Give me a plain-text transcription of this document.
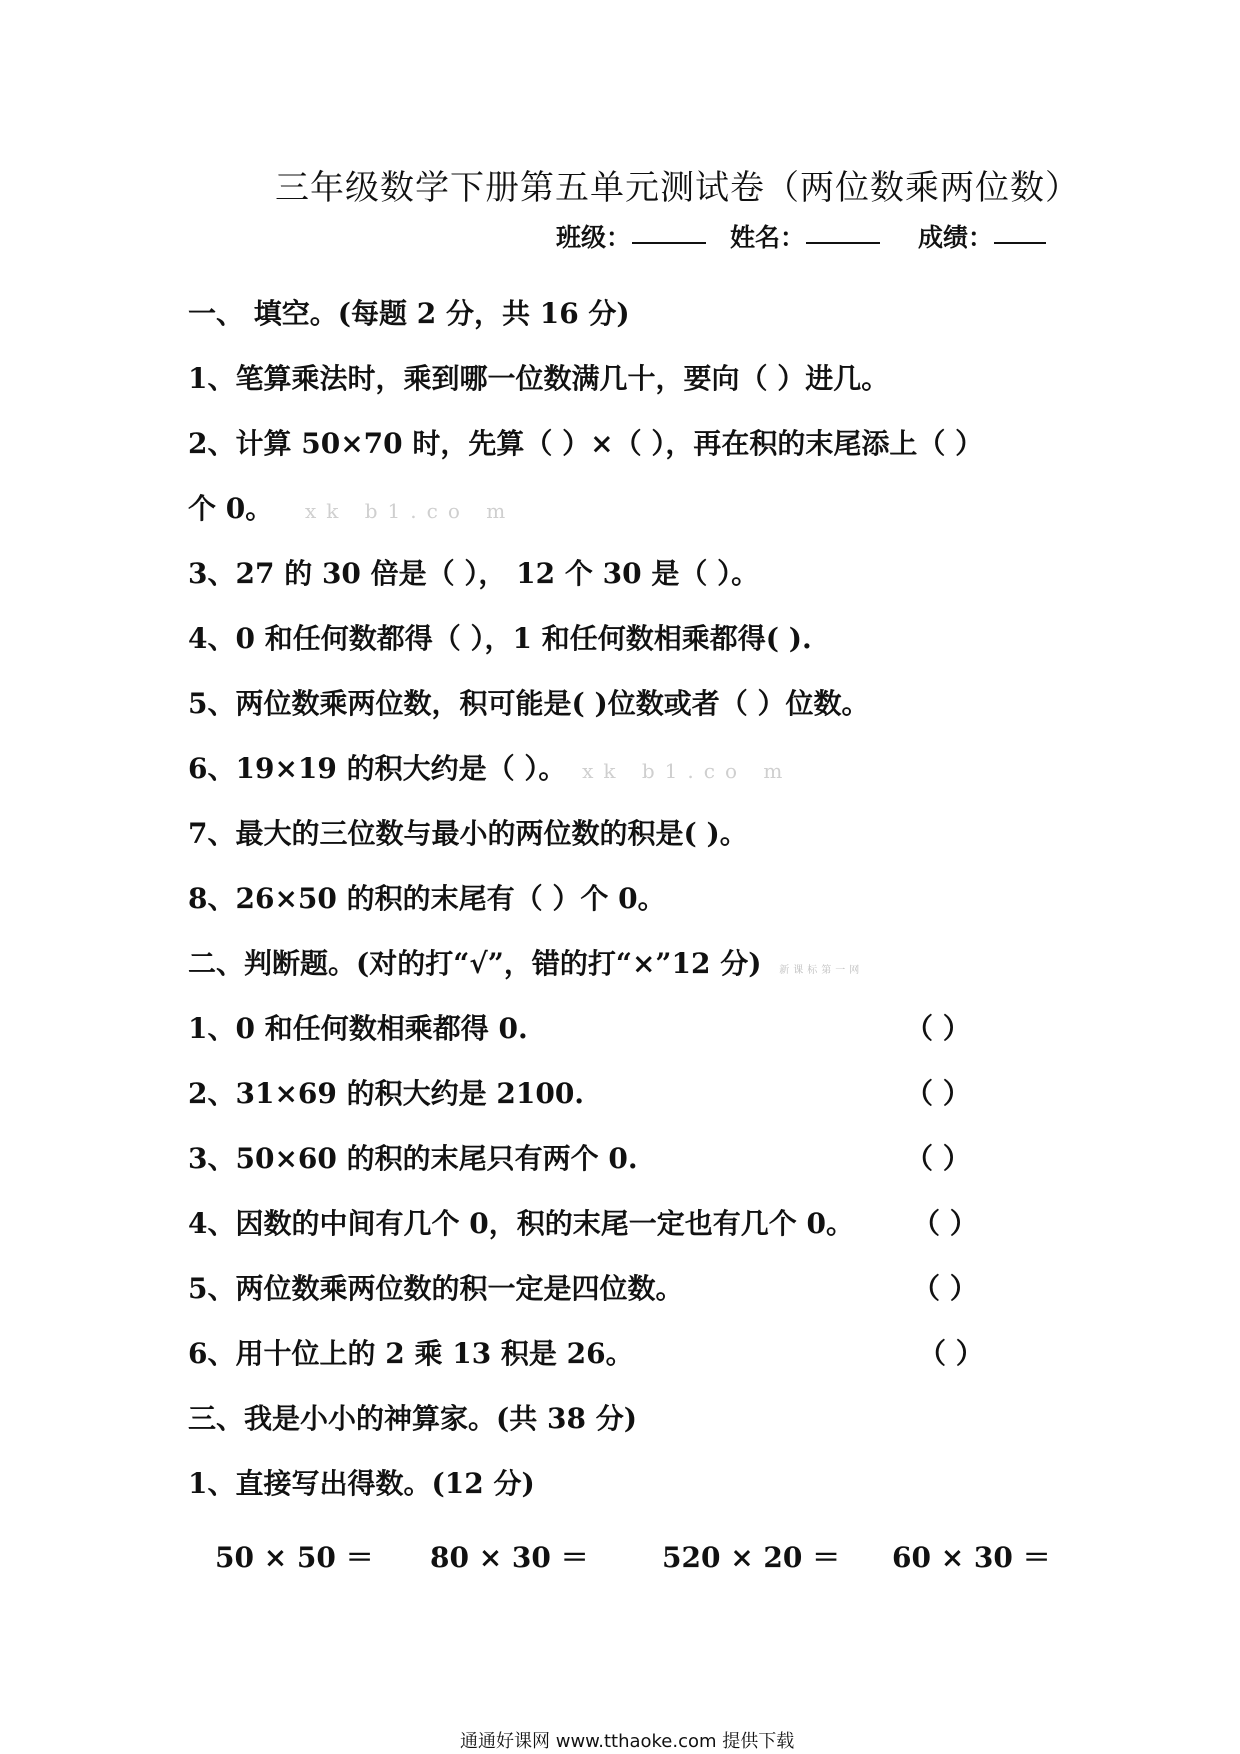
三年级数学下册第五单元测试卷（两位数乘两位数）
班级：	姓名：	成绩：
一、 填空。(每题 2 分，共 16 分)
1、笔算乘法时，乘到哪一位数满几十，要向（ ）进几。
2、计算 50×70 时，先算（ ）×（ ），再在积的末尾添上（ ）
个 0。 xk b1.co m
3、27 的 30 倍是（ ）， 12 个 30 是（ ）。
4、0 和任何数都得（ ），1 和任何数相乘都得( ).
5、两位数乘两位数，积可能是( )位数或者（ ）位数。
6、19×19 的积大约是（ ）。 xk b1.co m
7、最大的三位数与最小的两位数的积是( )。
8、26×50 的积的末尾有（ ）个 0。
二、判断题。(对的打“√”，错的打“×”12 分) 新课标第一网
1、0 和任何数相乘都得 0.	（ ）
2、31×69 的积大约是 2100.	（ ）
3、50×60 的积的末尾只有两个 0.	（ ）
4、因数的中间有几个 0，积的末尾一定也有几个 0。 （ ）
5、两位数乘两位数的积一定是四位数。	（ ）
6、用十位上的 2 乘 13 积是 26。	（ ）
三、我是小小的神算家。(共 38 分)
1、直接写出得数。(12 分)
50 × 50 ＝ 80 × 30 ＝	520 × 20 ＝ 60 × 30 ＝
通通好课网 www.tthaoke.com 提供下载
